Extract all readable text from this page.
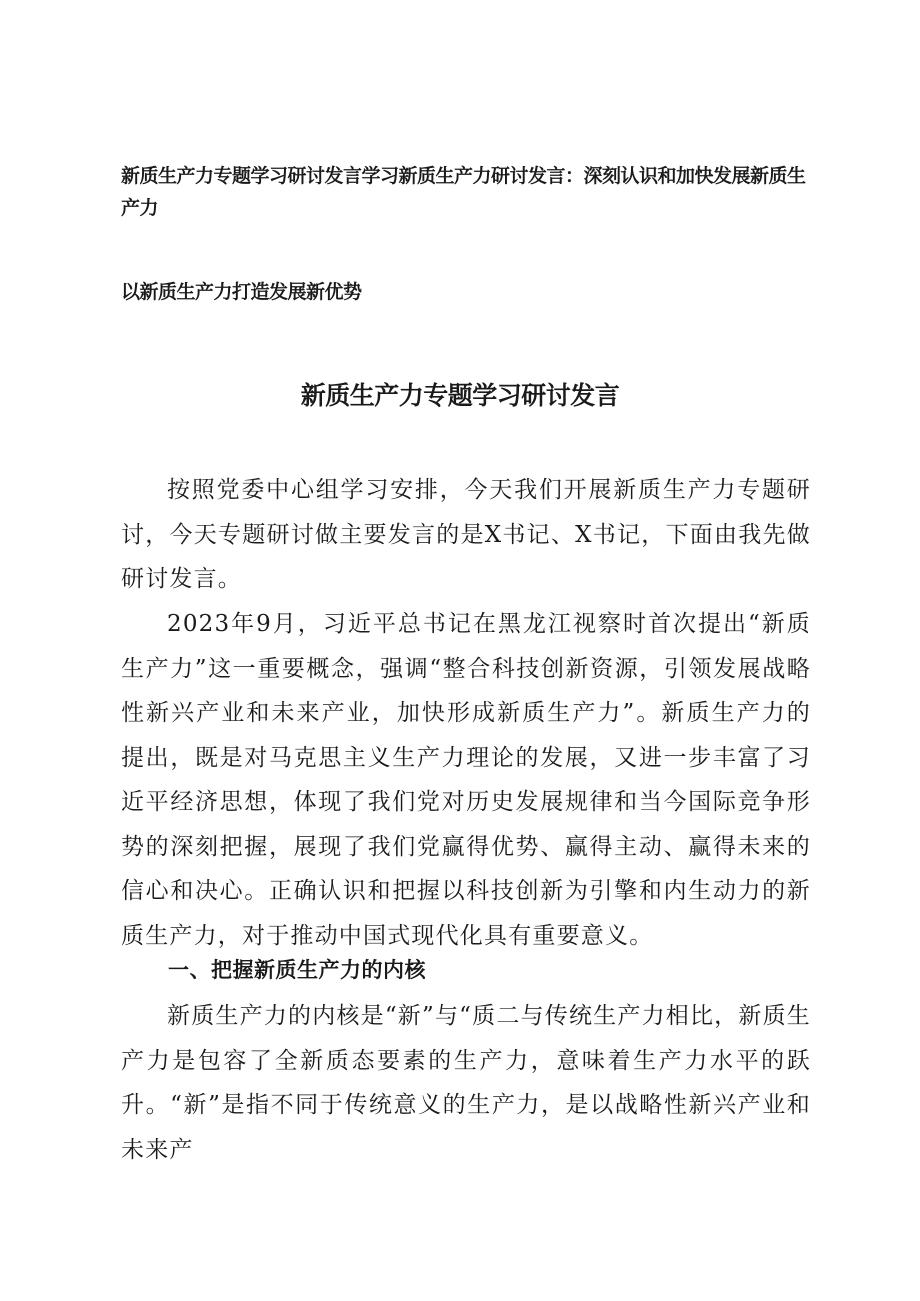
新质生产力专题学习研讨发言学习新质生产力研讨发言：深刻认识和加快发展新质生产力
以新质生产力打造发展新优势
新质生产力专题学习研讨发言

按照党委中心组学习安排，今天我们开展新质生产力专题研讨，今天专题研讨做主要发言的是X书记、X书记，下面由我先做研讨发言。

2023年9月，习近平总书记在黑龙江视察时首次提出“新质生产力”这一重要概念，强调“整合科技创新资源，引领发展战略性新兴产业和未来产业，加快形成新质生产力”。新质生产力的提出，既是对马克思主义生产力理论的发展，又进一步丰富了习近平经济思想，体现了我们党对历史发展规律和当今国际竞争形势的深刻把握，展现了我们党赢得优势、赢得主动、赢得未来的信心和决心。正确认识和把握以科技创新为引擎和内生动力的新质生产力，对于推动中国式现代化具有重要意义。

一、把握新质生产力的内核

新质生产力的内核是“新”与“质二与传统生产力相比，新质生产力是包容了全新质态要素的生产力，意味着生产力水平的跃升。“新”是指不同于传统意义的生产力，是以战略性新兴产业和未来产
